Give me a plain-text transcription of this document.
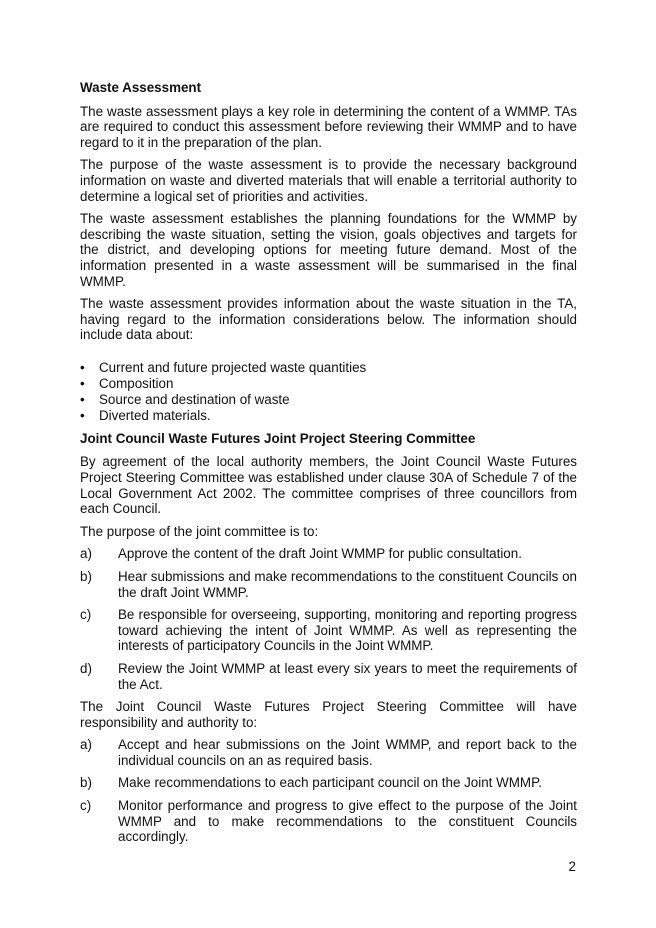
Waste Assessment

The waste assessment plays a key role in determining the content of a WMMP. TAs are required to conduct this assessment before reviewing their WMMP and to have regard to it in the preparation of the plan.

The purpose of the waste assessment is to provide the necessary background information on waste and diverted materials that will enable a territorial authority to determine a logical set of priorities and activities.

The waste assessment establishes the planning foundations for the WMMP by describing the waste situation, setting the vision, goals objectives and targets for the district, and developing options for meeting future demand. Most of the information presented in a waste assessment will be summarised in the final WMMP.

The waste assessment provides information about the waste situation in the TA, having regard to the information considerations below. The information should include data about:

• Current and future projected waste quantities
• Composition
• Source and destination of waste
• Diverted materials.
Joint Council Waste Futures Joint Project Steering Committee

By agreement of the local authority members, the Joint Council Waste Futures Project Steering Committee was established under clause 30A of Schedule 7 of the Local Government Act 2002. The committee comprises of three councillors from each Council.

The purpose of the joint committee is to:

a)	Approve the content of the draft Joint WMMP for public consultation.
b)	Hear submissions and make recommendations to the constituent Councils on the draft Joint WMMP.
c)	Be responsible for overseeing, supporting, monitoring and reporting progress toward achieving the intent of Joint WMMP. As well as representing the interests of participatory Councils in the Joint WMMP.
d)	Review the Joint WMMP at least every six years to meet the requirements of the Act.

The Joint Council Waste Futures Project Steering Committee will have responsibility and authority to:

a)	Accept and hear submissions on the Joint WMMP, and report back to the individual councils on an as required basis.
b)	Make recommendations to each participant council on the Joint WMMP.
c)	Monitor performance and progress to give effect to the purpose of the Joint WMMP and to make recommendations to the constituent Councils accordingly.
2
